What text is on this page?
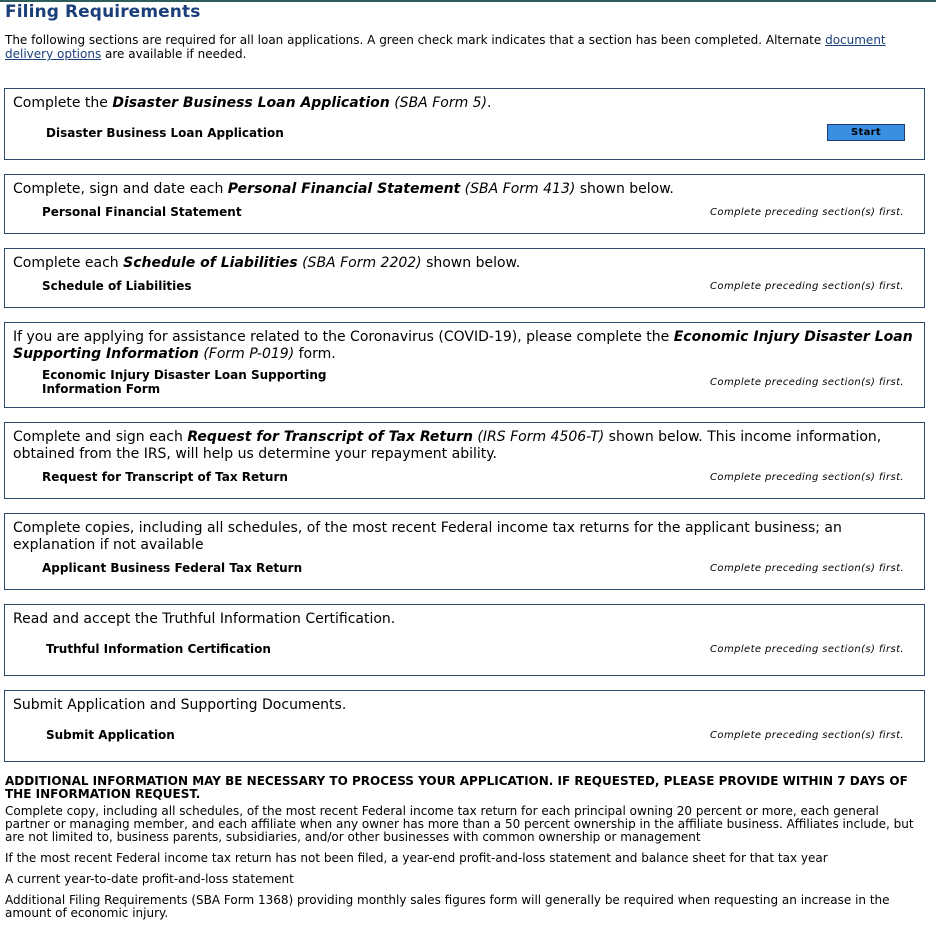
Filing Requirements
The following sections are required for all loan applications. A green check mark indicates that a section has been completed. Alternate document delivery options are available if needed.
Complete the Disaster Business Loan Application (SBA Form 5).
Disaster Business Loan Application	Start
Complete, sign and date each Personal Financial Statement (SBA Form 413) shown below.
Personal Financial Statement	Complete preceding section(s) first.
Complete each Schedule of Liabilities (SBA Form 2202) shown below.
Schedule of Liabilities	Complete preceding section(s) first.
If you are applying for assistance related to the Coronavirus (COVID-19), please complete the Economic Injury Disaster Loan Supporting Information (Form P-019) form.
Economic Injury Disaster Loan Supporting Information Form	Complete preceding section(s) first.
Complete and sign each Request for Transcript of Tax Return (IRS Form 4506-T) shown below. This income information, obtained from the IRS, will help us determine your repayment ability.
Request for Transcript of Tax Return	Complete preceding section(s) first.
Complete copies, including all schedules, of the most recent Federal income tax returns for the applicant business; an explanation if not available
Applicant Business Federal Tax Return	Complete preceding section(s) first.
Read and accept the Truthful Information Certification.
Truthful Information Certification	Complete preceding section(s) first.
Submit Application and Supporting Documents.
Submit Application	Complete preceding section(s) first.
ADDITIONAL INFORMATION MAY BE NECESSARY TO PROCESS YOUR APPLICATION. IF REQUESTED, PLEASE PROVIDE WITHIN 7 DAYS OF THE INFORMATION REQUEST.

Complete copy, including all schedules, of the most recent Federal income tax return for each principal owning 20 percent or more, each general partner or managing member, and each affiliate when any owner has more than a 50 percent ownership in the affiliate business. Affiliates include, but are not limited to, business parents, subsidiaries, and/or other businesses with common ownership or management

If the most recent Federal income tax return has not been filed, a year-end profit-and-loss statement and balance sheet for that tax year

A current year-to-date profit-and-loss statement

Additional Filing Requirements (SBA Form 1368) providing monthly sales figures form will generally be required when requesting an increase in the amount of economic injury.
